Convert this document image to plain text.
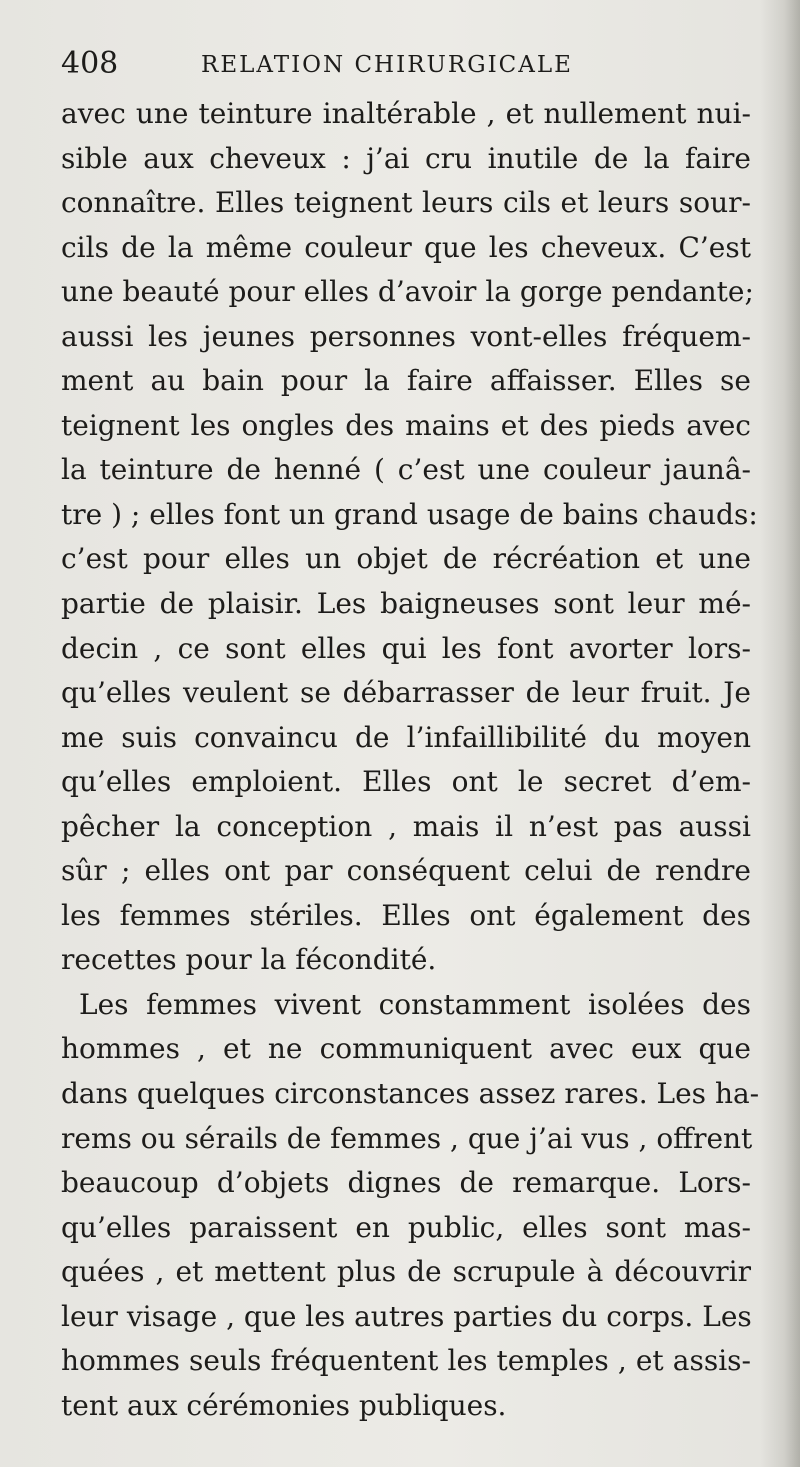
408	RELATION CHIRURGICALE
avec une teinture inaltérable , et nullement nui-
sible aux cheveux : j’ai cru inutile de la faire
connaître. Elles teignent leurs cils et leurs sour-
cils de la même couleur que les cheveux. C’est
une beauté pour elles d’avoir la gorge pendante;
aussi les jeunes personnes vont-elles fréquem-
ment au bain pour la faire affaisser. Elles se
teignent les ongles des mains et des pieds avec
la teinture de henné ( c’est une couleur jaunâ-
tre ) ; elles font un grand usage de bains chauds:
c’est pour elles un objet de récréation et une
partie de plaisir. Les baigneuses sont leur mé-
decin , ce sont elles qui les font avorter lors-
qu’elles veulent se débarrasser de leur fruit. Je
me suis convaincu de l’infaillibilité du moyen
qu’elles emploient. Elles ont le secret d’em-
pêcher la conception , mais il n’est pas aussi
sûr ; elles ont par conséquent celui de rendre
les femmes stériles. Elles ont également des
recettes pour la fécondité.
Les femmes vivent constamment isolées des
hommes , et ne communiquent avec eux que
dans quelques circonstances assez rares. Les ha-
rems ou sérails de femmes , que j’ai vus , offrent
beaucoup d’objets dignes de remarque. Lors-
qu’elles paraissent en public, elles sont mas-
quées , et mettent plus de scrupule à découvrir
leur visage , que les autres parties du corps. Les
hommes seuls fréquentent les temples , et assis-
tent aux cérémonies publiques.
